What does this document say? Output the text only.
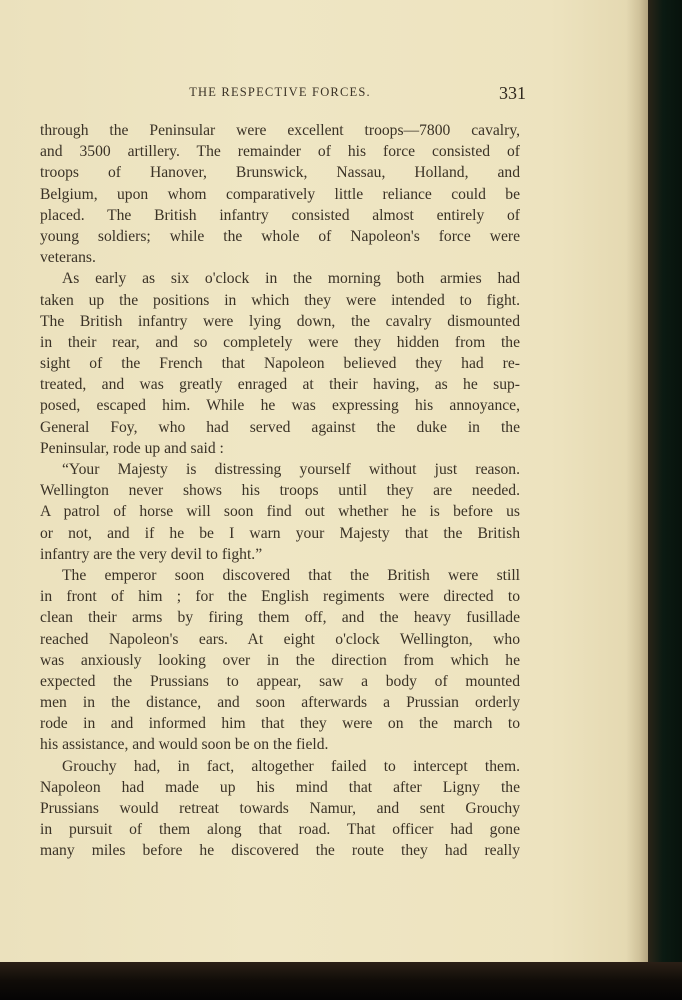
THE RESPECTIVE FORCES.	331
through the Peninsular were excellent troops—7800 cavalry,
and 3500 artillery. The remainder of his force consisted of
troops of Hanover, Brunswick, Nassau, Holland, and
Belgium, upon whom comparatively little reliance could be
placed. The British infantry consisted almost entirely of
young soldiers; while the whole of Napoleon's force were
veterans.
As early as six o'clock in the morning both armies had
taken up the positions in which they were intended to fight.
The British infantry were lying down, the cavalry dismounted
in their rear, and so completely were they hidden from the
sight of the French that Napoleon believed they had re-
treated, and was greatly enraged at their having, as he sup-
posed, escaped him. While he was expressing his annoyance,
General Foy, who had served against the duke in the
Peninsular, rode up and said :
“Your Majesty is distressing yourself without just reason.
Wellington never shows his troops until they are needed.
A patrol of horse will soon find out whether he is before us
or not, and if he be I warn your Majesty that the British
infantry are the very devil to fight.”
The emperor soon discovered that the British were still
in front of him ; for the English regiments were directed to
clean their arms by firing them off, and the heavy fusillade
reached Napoleon's ears. At eight o'clock Wellington, who
was anxiously looking over in the direction from which he
expected the Prussians to appear, saw a body of mounted
men in the distance, and soon afterwards a Prussian orderly
rode in and informed him that they were on the march to
his assistance, and would soon be on the field.
Grouchy had, in fact, altogether failed to intercept them.
Napoleon had made up his mind that after Ligny the
Prussians would retreat towards Namur, and sent Grouchy
in pursuit of them along that road. That officer had gone
many miles before he discovered the route they had really
